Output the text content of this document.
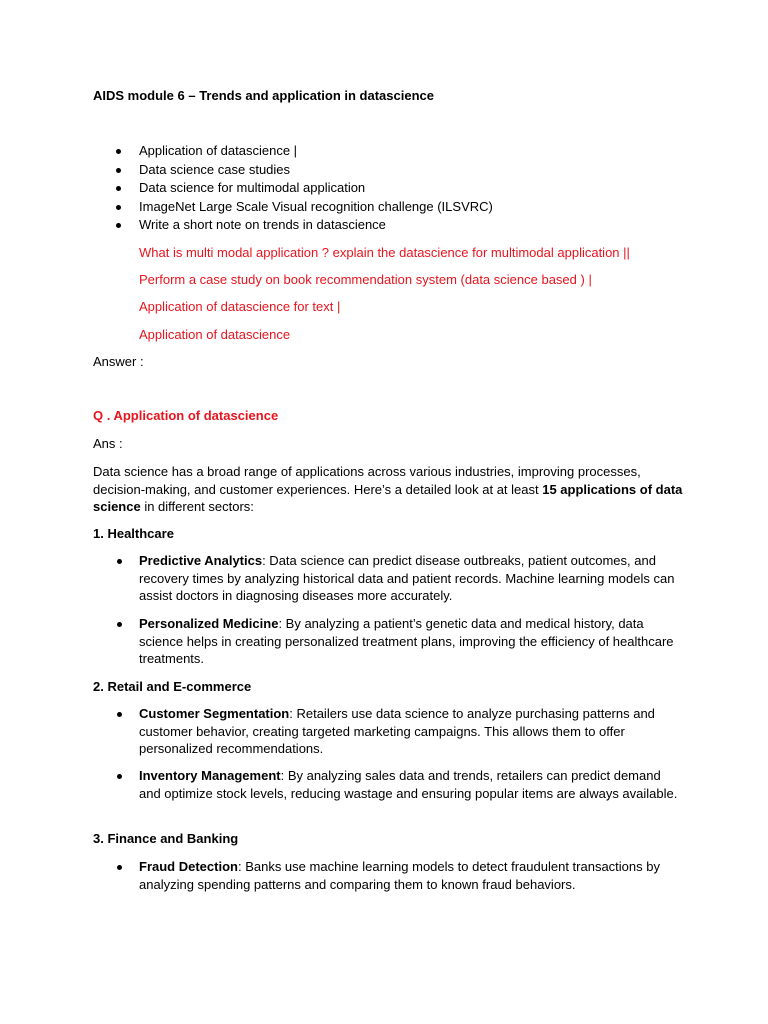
AIDS module 6 – Trends and application in datascience
Application of datascience |
Data science case studies
Data science for multimodal application
ImageNet Large Scale Visual recognition challenge (ILSVRC)
Write a short note on trends in datascience
What is multi modal application ? explain the datascience for multimodal application ||
Perform a case study on book recommendation system (data science based ) |
Application of datascience for text |
Application of datascience
Answer :
Q . Application of datascience
Ans :
Data science has a broad range of applications across various industries, improving processes, decision-making, and customer experiences. Here’s a detailed look at at least 15 applications of data science in different sectors:
1. Healthcare
Predictive Analytics: Data science can predict disease outbreaks, patient outcomes, and recovery times by analyzing historical data and patient records. Machine learning models can assist doctors in diagnosing diseases more accurately.
Personalized Medicine: By analyzing a patient’s genetic data and medical history, data science helps in creating personalized treatment plans, improving the efficiency of healthcare treatments.
2. Retail and E-commerce
Customer Segmentation: Retailers use data science to analyze purchasing patterns and customer behavior, creating targeted marketing campaigns. This allows them to offer personalized recommendations.
Inventory Management: By analyzing sales data and trends, retailers can predict demand and optimize stock levels, reducing wastage and ensuring popular items are always available.
3. Finance and Banking
Fraud Detection: Banks use machine learning models to detect fraudulent transactions by analyzing spending patterns and comparing them to known fraud behaviors.
